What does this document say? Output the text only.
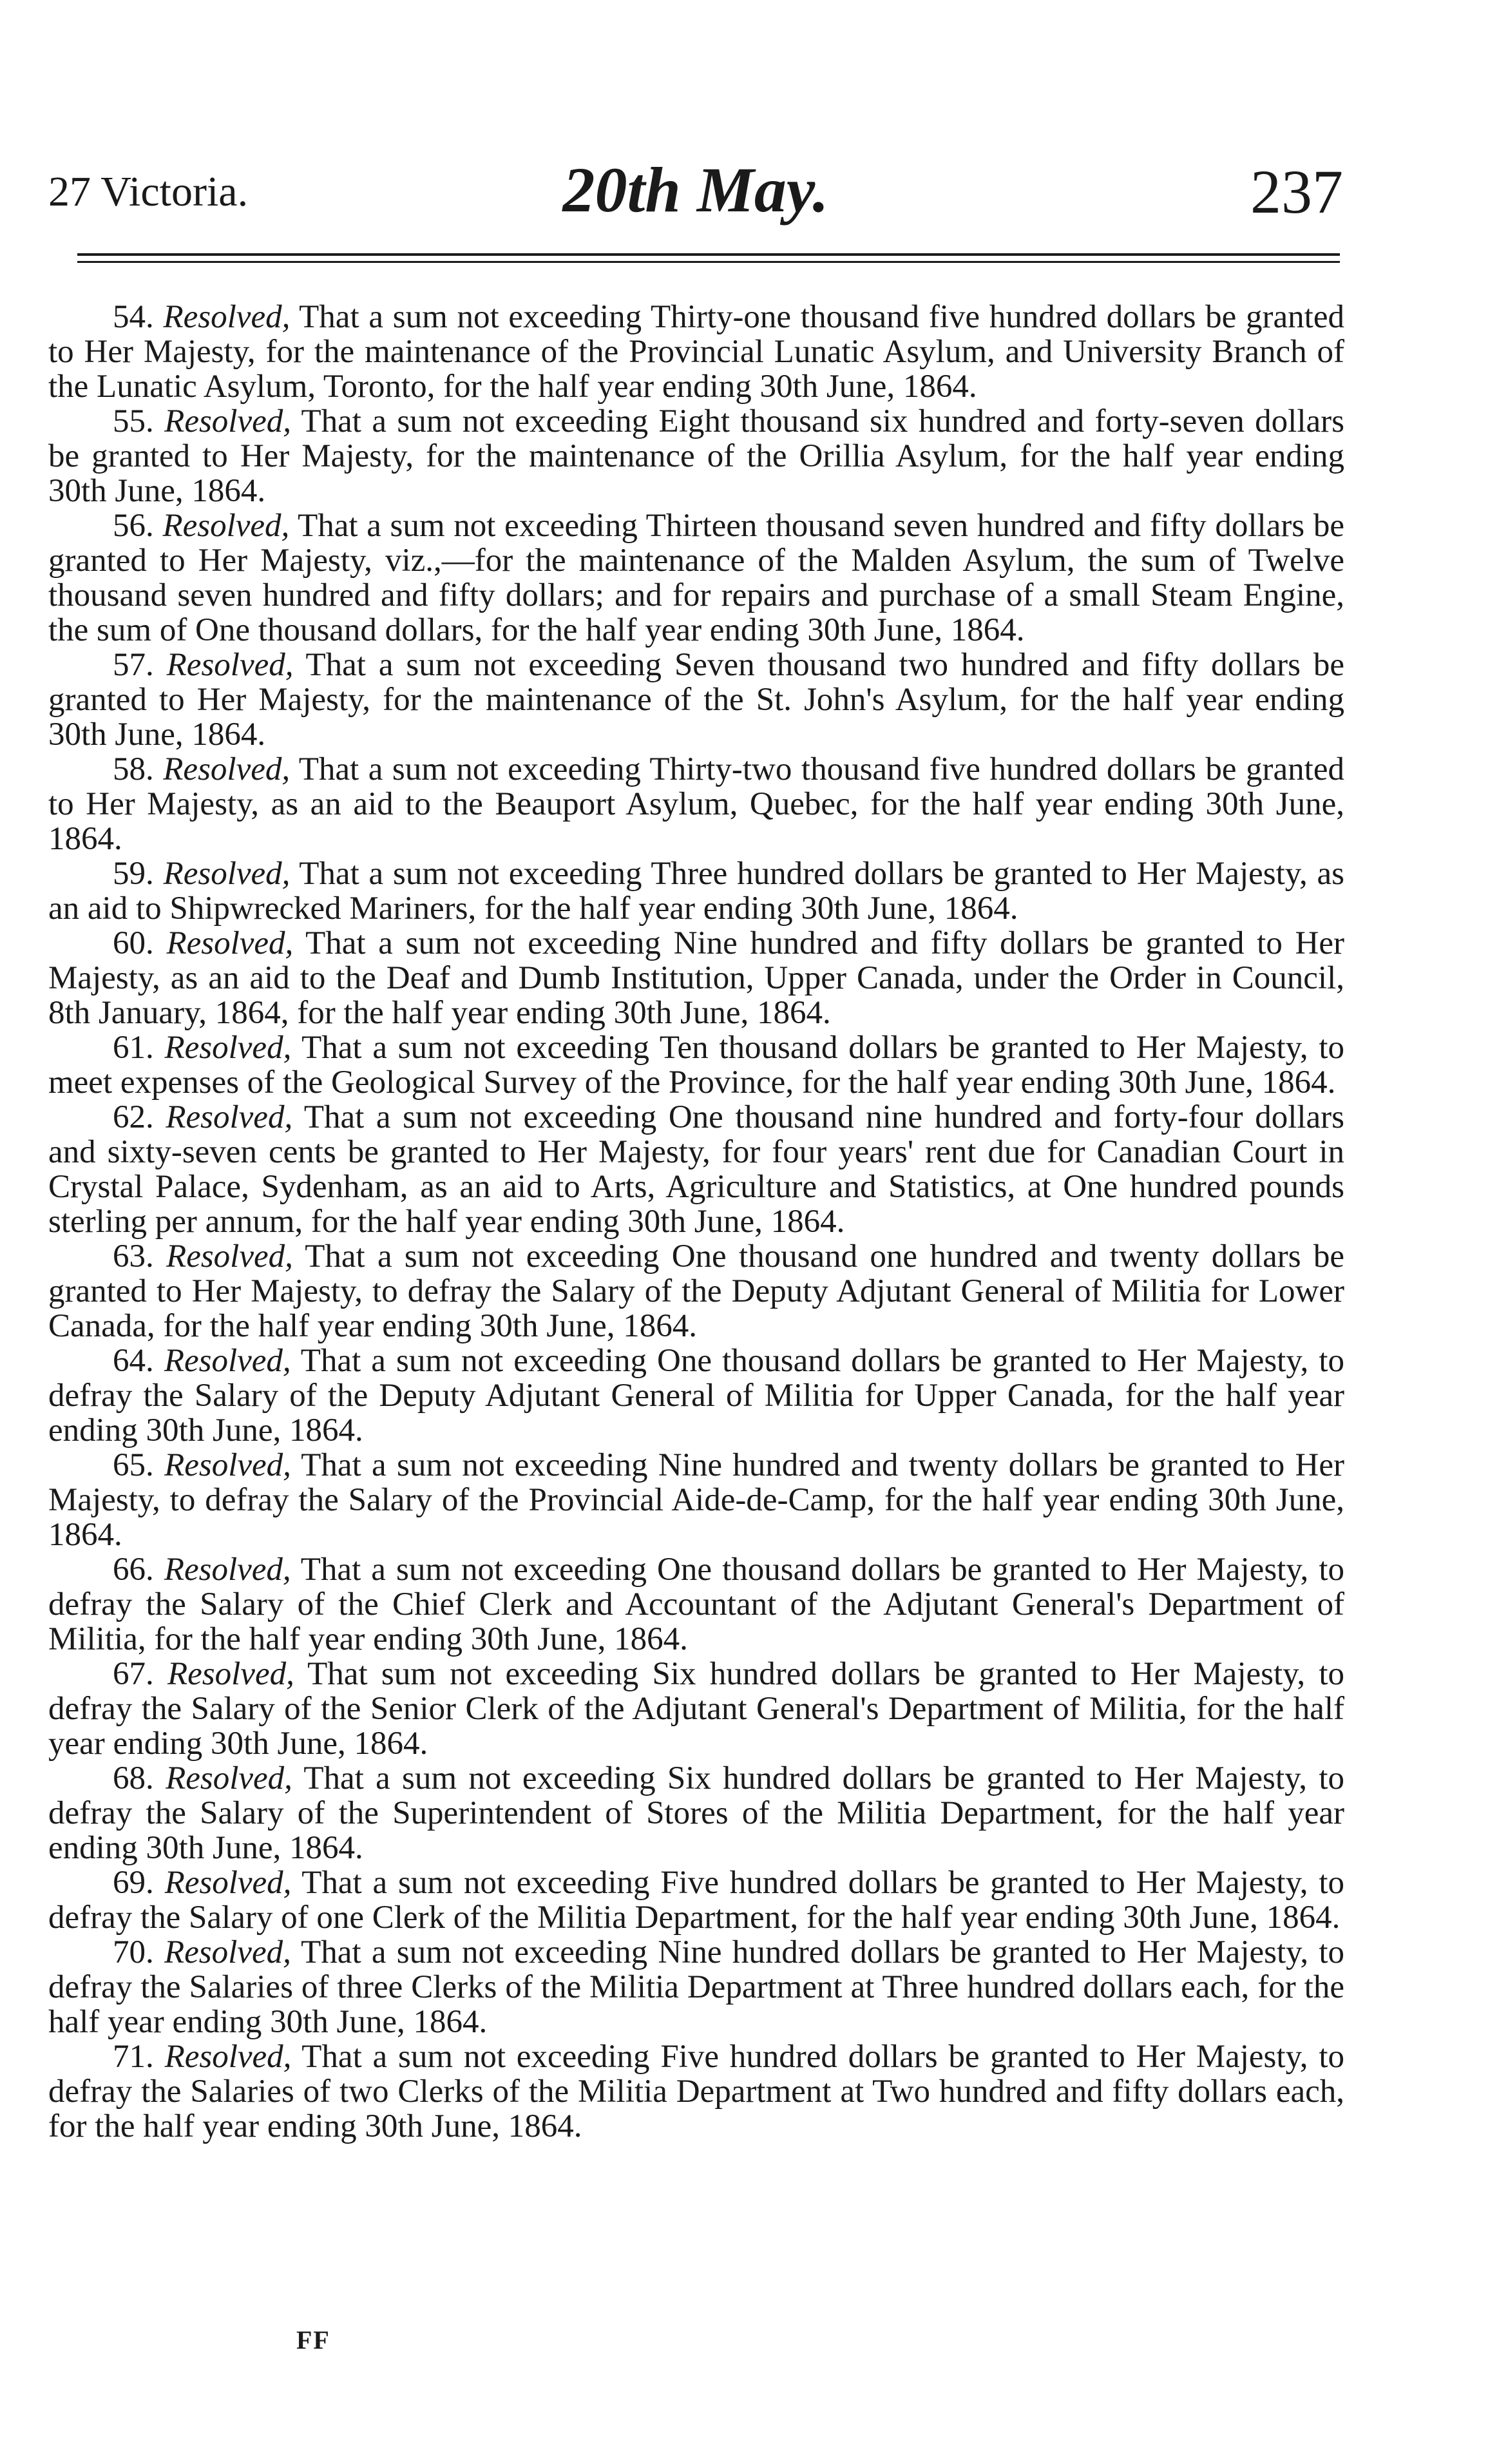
27 Victoria.	20th May.	237

54. Resolved, That a sum not exceeding Thirty-one thousand five hundred dollars be granted to Her Majesty, for the maintenance of the Provincial Lunatic Asylum, and University Branch of the Lunatic Asylum, Toronto, for the half year ending 30th June, 1864.

55. Resolved, That a sum not exceeding Eight thousand six hundred and forty-seven dollars be granted to Her Majesty, for the maintenance of the Orillia Asylum, for the half year ending 30th June, 1864.

56. Resolved, That a sum not exceeding Thirteen thousand seven hundred and fifty dollars be granted to Her Majesty, viz.,—for the maintenance of the Malden Asylum, the sum of Twelve thousand seven hundred and fifty dollars; and for repairs and purchase of a small Steam Engine, the sum of One thousand dollars, for the half year ending 30th June, 1864.

57. Resolved, That a sum not exceeding Seven thousand two hundred and fifty dollars be granted to Her Majesty, for the maintenance of the St. John's Asylum, for the half year ending 30th June, 1864.

58. Resolved, That a sum not exceeding Thirty-two thousand five hundred dollars be granted to Her Majesty, as an aid to the Beauport Asylum, Quebec, for the half year ending 30th June, 1864.

59. Resolved, That a sum not exceeding Three hundred dollars be granted to Her Majesty, as an aid to Shipwrecked Mariners, for the half year ending 30th June, 1864.

60. Resolved, That a sum not exceeding Nine hundred and fifty dollars be granted to Her Majesty, as an aid to the Deaf and Dumb Institution, Upper Canada, under the Order in Council, 8th January, 1864, for the half year ending 30th June, 1864.

61. Resolved, That a sum not exceeding Ten thousand dollars be granted to Her Majesty, to meet expenses of the Geological Survey of the Province, for the half year ending 30th June, 1864.

62. Resolved, That a sum not exceeding One thousand nine hundred and forty-four dollars and sixty-seven cents be granted to Her Majesty, for four years' rent due for Canadian Court in Crystal Palace, Sydenham, as an aid to Arts, Agriculture and Statistics, at One hundred pounds sterling per annum, for the half year ending 30th June, 1864.

63. Resolved, That a sum not exceeding One thousand one hundred and twenty dollars be granted to Her Majesty, to defray the Salary of the Deputy Adjutant General of Militia for Lower Canada, for the half year ending 30th June, 1864.

64. Resolved, That a sum not exceeding One thousand dollars be granted to Her Majesty, to defray the Salary of the Deputy Adjutant General of Militia for Upper Canada, for the half year ending 30th June, 1864.

65. Resolved, That a sum not exceeding Nine hundred and twenty dollars be granted to Her Majesty, to defray the Salary of the Provincial Aide-de-Camp, for the half year ending 30th June, 1864.

66. Resolved, That a sum not exceeding One thousand dollars be granted to Her Majesty, to defray the Salary of the Chief Clerk and Accountant of the Adjutant General's Department of Militia, for the half year ending 30th June, 1864.

67. Resolved, That sum not exceeding Six hundred dollars be granted to Her Majesty, to defray the Salary of the Senior Clerk of the Adjutant General's Department of Militia, for the half year ending 30th June, 1864.

68. Resolved, That a sum not exceeding Six hundred dollars be granted to Her Majesty, to defray the Salary of the Superintendent of Stores of the Militia Department, for the half year ending 30th June, 1864.

69. Resolved, That a sum not exceeding Five hundred dollars be granted to Her Majesty, to defray the Salary of one Clerk of the Militia Department, for the half year ending 30th June, 1864.

70. Resolved, That a sum not exceeding Nine hundred dollars be granted to Her Majesty, to defray the Salaries of three Clerks of the Militia Department at Three hundred dollars each, for the half year ending 30th June, 1864.

71. Resolved, That a sum not exceeding Five hundred dollars be granted to Her Majesty, to defray the Salaries of two Clerks of the Militia Department at Two hundred and fifty dollars each, for the half year ending 30th June, 1864.

FF
